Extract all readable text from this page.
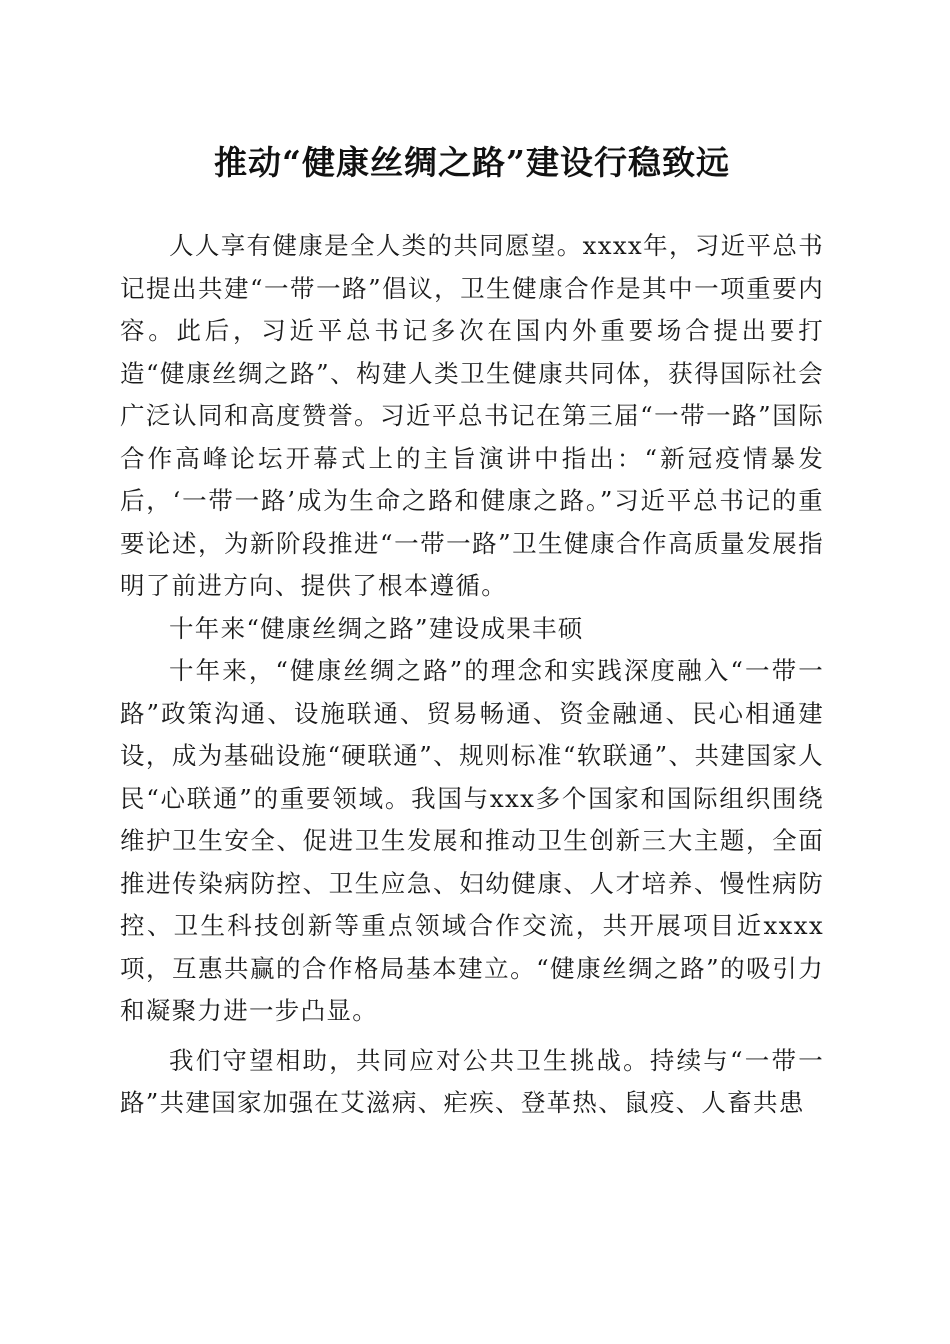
推动“健康丝绸之路”建设行稳致远

人人享有健康是全人类的共同愿望。xxxx年，习近平总书记提出共建“一带一路”倡议，卫生健康合作是其中一项重要内容。此后，习近平总书记多次在国内外重要场合提出要打造“健康丝绸之路”、构建人类卫生健康共同体，获得国际社会广泛认同和高度赞誉。习近平总书记在第三届“一带一路”国际合作高峰论坛开幕式上的主旨演讲中指出：“新冠疫情暴发后，‘一带一路’成为生命之路和健康之路。”习近平总书记的重要论述，为新阶段推进“一带一路”卫生健康合作高质量发展指明了前进方向、提供了根本遵循。

十年来“健康丝绸之路”建设成果丰硕

十年来，“健康丝绸之路”的理念和实践深度融入“一带一路”政策沟通、设施联通、贸易畅通、资金融通、民心相通建设，成为基础设施“硬联通”、规则标准“软联通”、共建国家人民“心联通”的重要领域。我国与xxx多个国家和国际组织围绕维护卫生安全、促进卫生发展和推动卫生创新三大主题，全面推进传染病防控、卫生应急、妇幼健康、人才培养、慢性病防控、卫生科技创新等重点领域合作交流，共开展项目近xxxx项，互惠共赢的合作格局基本建立。“健康丝绸之路”的吸引力和凝聚力进一步凸显。

我们守望相助，共同应对公共卫生挑战。持续与“一带一路”共建国家加强在艾滋病、疟疾、登革热、鼠疫、人畜共患
